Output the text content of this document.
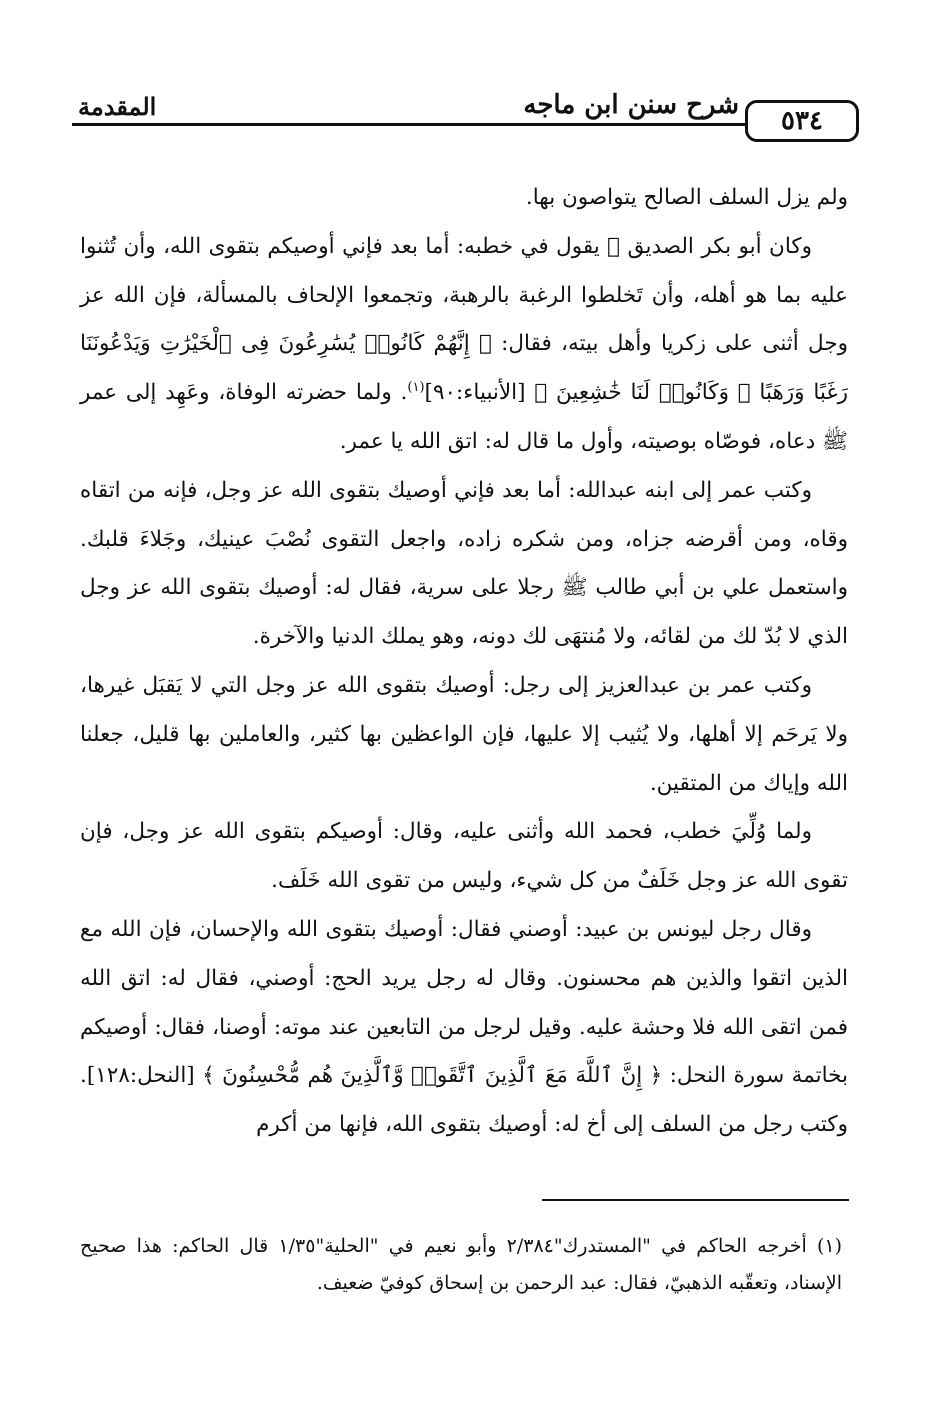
المقدمة	شرح سنن ابن ماجه
٥٣٤

ولم يزل السلف الصالح يتواصون بها.

وكان أبو بكر الصديق ﷺ يقول في خطبه: أما بعد فإني أوصيكم بتقوى الله، وأن تُثنوا عليه بما هو أهله، وأن تَخلطوا الرغبة بالرهبة، وتجمعوا الإلحاف بالمسألة، فإن الله عز وجل أثنى على زكريا وأهل بيته، فقال: ﴿ إِنَّهُمْ كَانُوا۟ يُسَٰرِعُونَ فِى ٱلْخَيْرَٰتِ وَيَدْعُونَنَا رَغَبًا وَرَهَبًا ۖ وَكَانُوا۟ لَنَا خَٰشِعِينَ ﴾ [الأنبياء:٩٠]$^{(١)}$. ولما حضرته الوفاة، وعَهِد إلى عمر ﷺ دعاه، فوصّاه بوصيته، وأول ما قال له: اتق الله يا عمر.

وكتب عمر إلى ابنه عبدالله: أما بعد فإني أوصيك بتقوى الله عز وجل، فإنه من اتقاه وقاه، ومن أقرضه جزاه، ومن شكره زاده، واجعل التقوى نُصْبَ عينيك، وجَلاءَ قلبك. واستعمل علي بن أبي طالب ﷺ رجلا على سرية، فقال له: أوصيك بتقوى الله عز وجل الذي لا بُدّ لك من لقائه، ولا مُنتهَى لك دونه، وهو يملك الدنيا والآخرة.

وكتب عمر بن عبدالعزيز إلى رجل: أوصيك بتقوى الله عز وجل التي لا يَقبَل غيرها، ولا يَرحَم إلا أهلها، ولا يُثيب إلا عليها، فإن الواعظين بها كثير، والعاملين بها قليل، جعلنا الله وإياك من المتقين.

ولما وُلِّيَ خطب، فحمد الله وأثنى عليه، وقال: أوصيكم بتقوى الله عز وجل، فإن تقوى الله عز وجل خَلَفٌ من كل شيء، وليس من تقوى الله خَلَف.

وقال رجل ليونس بن عبيد: أوصني فقال: أوصيك بتقوى الله والإحسان، فإن الله مع الذين اتقوا والذين هم محسنون. وقال له رجل يريد الحج: أوصني، فقال له: اتق الله فمن اتقى الله فلا وحشة عليه. وقيل لرجل من التابعين عند موته: أوصنا، فقال: أوصيكم بخاتمة سورة النحل: ﴿ إِنَّ ٱللَّهَ مَعَ ٱلَّذِينَ ٱتَّقَوا۟ وَّٱلَّذِينَ هُم مُّحْسِنُونَ ﴾ [النحل:١٢٨]. وكتب رجل من السلف إلى أخ له: أوصيك بتقوى الله، فإنها من أكرم

(١) أخرجه الحاكم في "المستدرك"٢/٣٨٤ وأبو نعيم في "الحلية"١/٣٥ قال الحاكم: هذا صحيح الإسناد، وتعقّبه الذهبيّ، فقال: عبد الرحمن بن إسحاق كوفيّ ضعيف.
